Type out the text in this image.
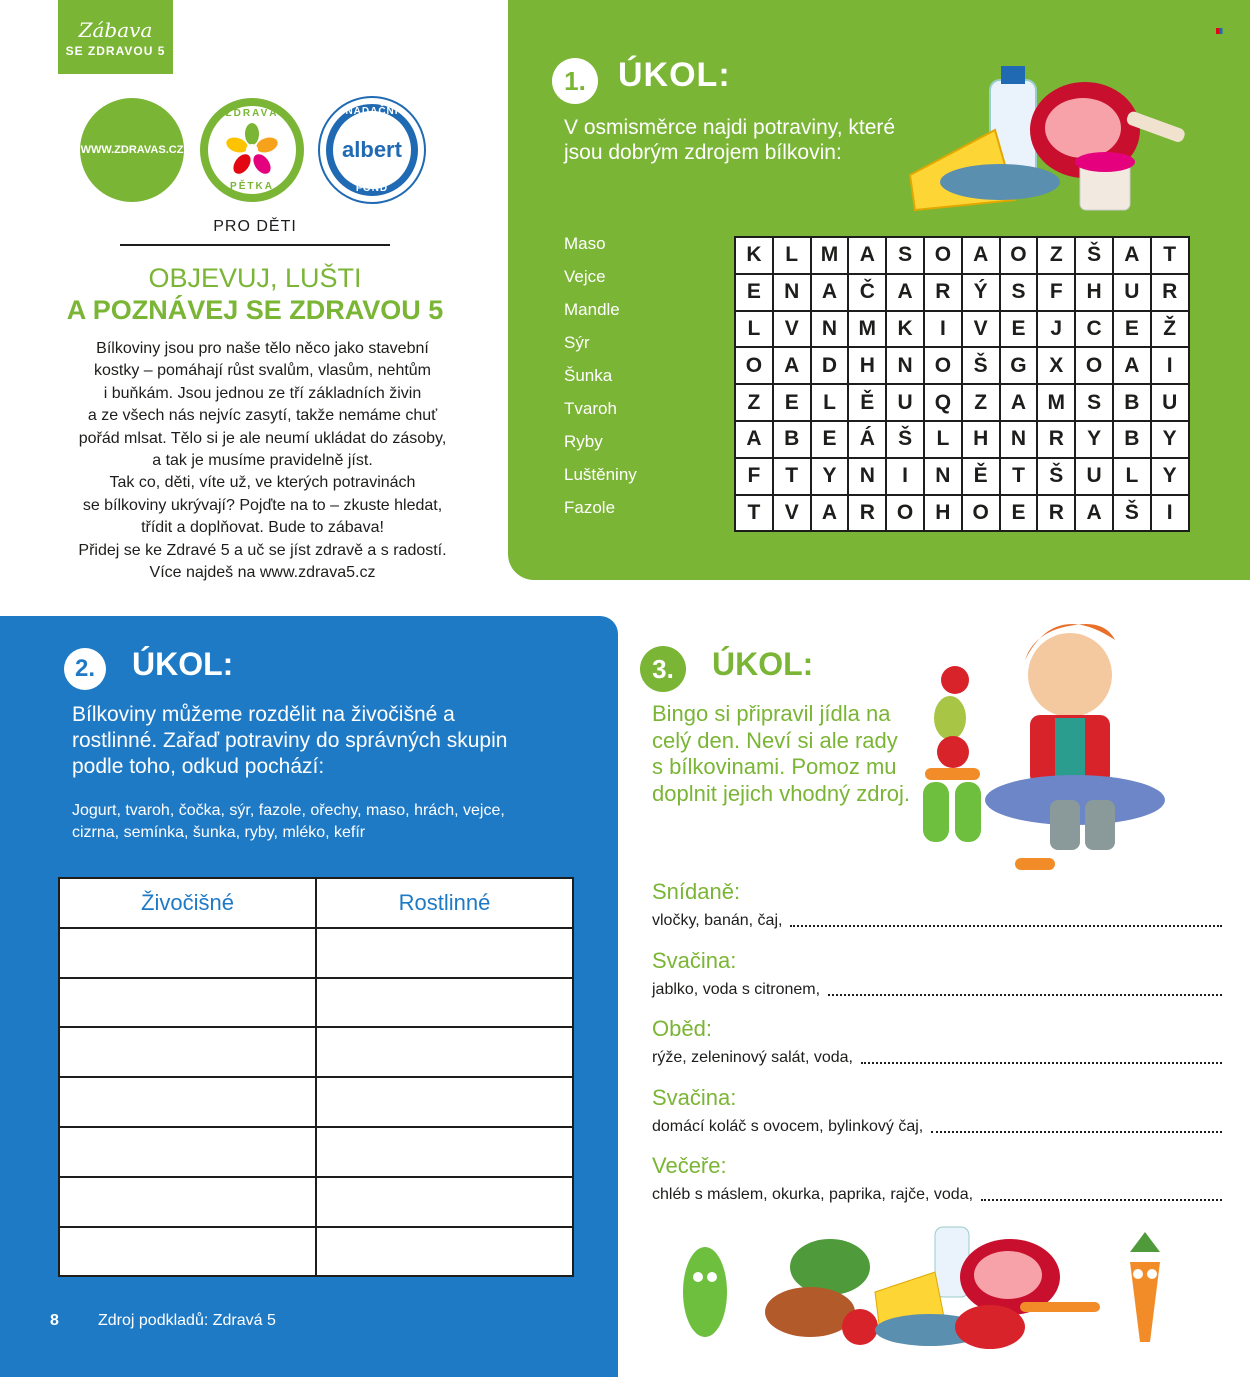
Zábava
SE ZDRAVOU 5
WWW.ZDRAVAS.CZ
ZDRAVÁ
PĚTKA
NADAČNÍ
albert
FOND
PRO DĚTI
OBJEVUJ, LUŠTI
A POZNÁVEJ SE ZDRAVOU 5
Bílkoviny jsou pro naše tělo něco jako stavební
kostky – pomáhají růst svalům, vlasům, nehtům
i buňkám. Jsou jednou ze tří základních živin
a ze všech nás nejvíc zasytí, takže nemáme chuť
pořád mlsat. Tělo si je ale neumí ukládat do zásoby,
a tak je musíme pravidelně jíst.
Tak co, děti, víte už, ve kterých potravinách
se bílkoviny ukrývají? Pojďte na to – zkuste hledat,
třídit a doplňovat. Bude to zábava!
Přidej se ke Zdravé 5 a uč se jíst zdravě a s radostí.
Více najdeš na www.zdrava5.cz
1. ÚKOL:
V osmisměrce najdi potraviny, které jsou dobrým zdrojem bílkovin:
Maso
Vejce
Mandle
Sýr
Šunka
Tvaroh
Ryby
Luštěniny
Fazole
K	L	M	A	S	O	A	O	Z	Š	A	T
E	N	A	Č	A	R	Ý	S	F	H	U	R
L	V	N	M	K	I	V	E	J	C	E	Ž
O	A	D	H	N	O	Š	G	X	O	A	I
Z	E	L	Ě	U	Q	Z	A	M	S	B	U
A	B	E	Á	Š	L	H	N	R	Y	B	Y
F	T	Y	N	I	N	Ě	T	Š	U	L	Y
T	V	A	R	O	H	O	E	R	A	Š	I
2.	ÚKOL:
Bílkoviny můžeme rozdělit na živočišné a rostlinné. Zařaď potraviny do správných skupin podle toho, odkud pochází:
Jogurt, tvaroh, čočka, sýr, fazole, ořechy, maso, hrách, vejce,
cizrna, semínka, šunka, ryby, mléko, kefír
Živočišné	Rostlinné

8 Zdroj podkladů: Zdravá 5
3.	ÚKOL:
Bingo si připravil jídla na celý den. Neví si ale rady s bílkovinami. Pomoz mu doplnit jejich vhodný zdroj.
Snídaně:
vločky, banán, čaj,
Svačina:
jablko, voda s citronem,
Oběd:
rýže, zeleninový salát, voda,
Svačina:
domácí koláč s ovocem, bylinkový čaj,
Večeře:
chléb s máslem, okurka, paprika, rajče, voda,
